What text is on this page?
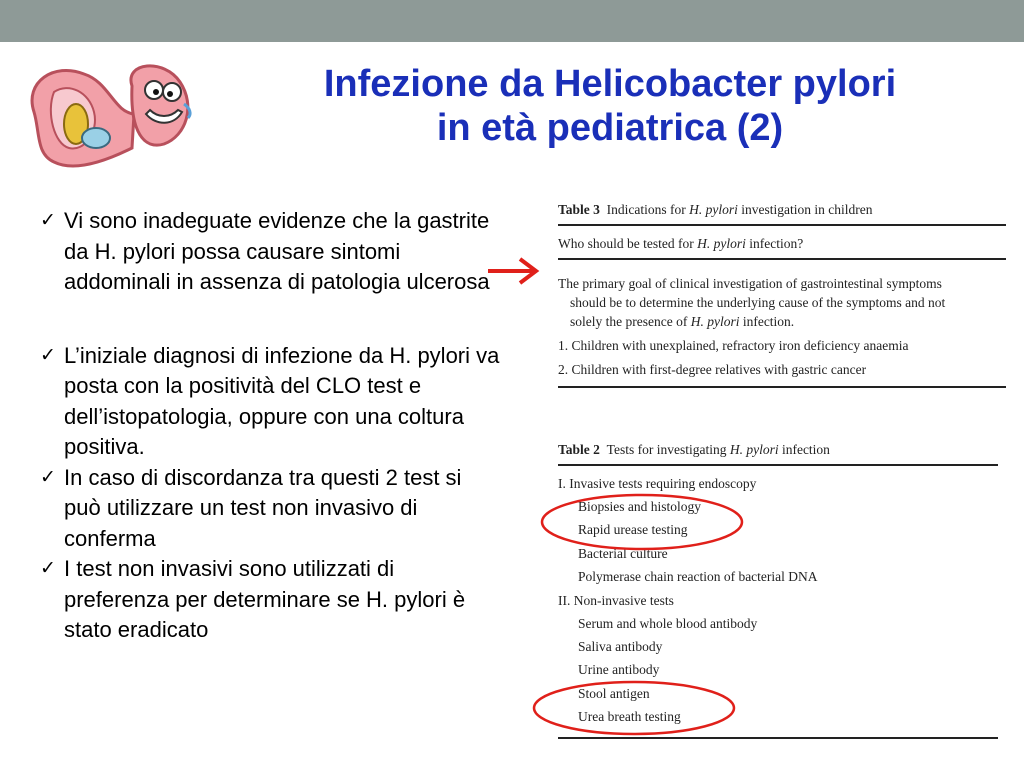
Infezione da Helicobacter pylori
in età pediatrica (2)
✓ Vi sono inadeguate evidenze che la gastrite da H. pylori possa causare sintomi addominali in assenza di patologia ulcerosa
✓ L’iniziale diagnosi di infezione da H. pylori va posta con la positività del CLO test e dell’istopatologia, oppure con una coltura positiva.
✓ In caso di discordanza tra questi 2 test si può utilizzare un test non invasivo di conferma
✓ I test non invasivi sono utilizzati di preferenza per determinare se H. pylori è stato eradicato
Table 3 Indications for H. pylori investigation in children
Who should be tested for H. pylori infection?
The primary goal of clinical investigation of gastrointestinal symptoms
should be to determine the underlying cause of the symptoms and not
solely the presence of H. pylori infection.
1. Children with unexplained, refractory iron deficiency anaemia
2. Children with first-degree relatives with gastric cancer
Table 2 Tests for investigating H. pylori infection
I. Invasive tests requiring endoscopy
Biopsies and histology
Rapid urease testing
Bacterial culture
Polymerase chain reaction of bacterial DNA
II. Non-invasive tests
Serum and whole blood antibody
Saliva antibody
Urine antibody
Stool antigen
Urea breath testing
